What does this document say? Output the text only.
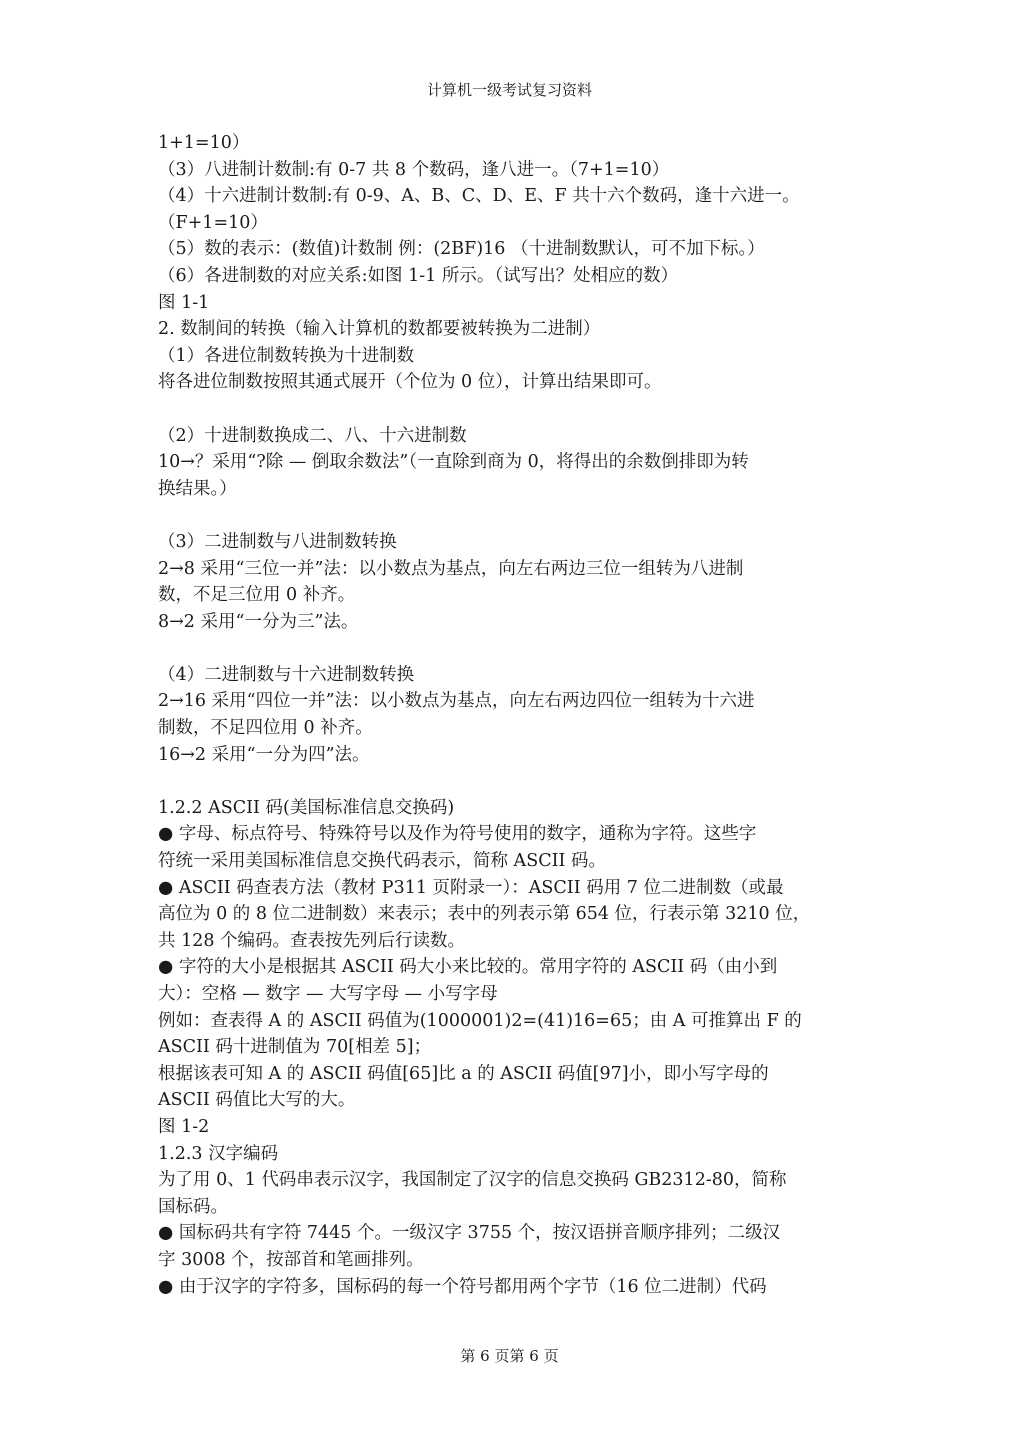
计算机一级考试复习资料
1+1=10）
（3）八进制计数制:有 0-7 共 8 个数码，逢八进一。（7+1=10）
（4）十六进制计数制:有 0-9、A、B、C、D、E、F 共十六个数码，逢十六进一。
（F+1=10）
（5）数的表示：(数值)计数制 例：(2BF)16 （十进制数默认，可不加下标。）
（6）各进制数的对应关系:如图 1-1 所示。（试写出？处相应的数）
图 1-1
2. 数制间的转换（输入计算机的数都要被转换为二进制）
（1）各进位制数转换为十进制数
将各进位制数按照其通式展开（个位为 0 位），计算出结果即可。
（2）十进制数换成二、八、十六进制数
10→？采用“?除 — 倒取余数法”（一直除到商为 0，将得出的余数倒排即为转
换结果。）
（3）二进制数与八进制数转换
2→8 采用“三位一并”法：以小数点为基点，向左右两边三位一组转为八进制
数，不足三位用 0 补齐。
8→2 采用“一分为三”法。
（4）二进制数与十六进制数转换
2→16 采用“四位一并”法：以小数点为基点，向左右两边四位一组转为十六进
制数，不足四位用 0 补齐。
16→2 采用“一分为四”法。
1.2.2 ASCII 码(美国标准信息交换码)
● 字母、标点符号、特殊符号以及作为符号使用的数字，通称为字符。这些字
符统一采用美国标准信息交换代码表示，简称 ASCII 码。
● ASCII 码查表方法（教材 P311 页附录一）：ASCII 码用 7 位二进制数（或最
高位为 0 的 8 位二进制数）来表示；表中的列表示第 654 位，行表示第 3210 位，
共 128 个编码。查表按先列后行读数。
● 字符的大小是根据其 ASCII 码大小来比较的。常用字符的 ASCII 码（由小到
大）：空格 — 数字 — 大写字母 — 小写字母
例如：查表得 A 的 ASCII 码值为(1000001)2=(41)16=65；由 A 可推算出 F 的
ASCII 码十进制值为 70[相差 5]；
根据该表可知 A 的 ASCII 码值[65]比 a 的 ASCII 码值[97]小，即小写字母的
ASCII 码值比大写的大。
图 1-2
1.2.3 汉字编码
为了用 0、1 代码串表示汉字，我国制定了汉字的信息交换码 GB2312-80，简称
国标码。
● 国标码共有字符 7445 个。一级汉字 3755 个，按汉语拼音顺序排列；二级汉
字 3008 个，按部首和笔画排列。
● 由于汉字的字符多，国标码的每一个符号都用两个字节（16 位二进制）代码
第 6 页第 6 页
